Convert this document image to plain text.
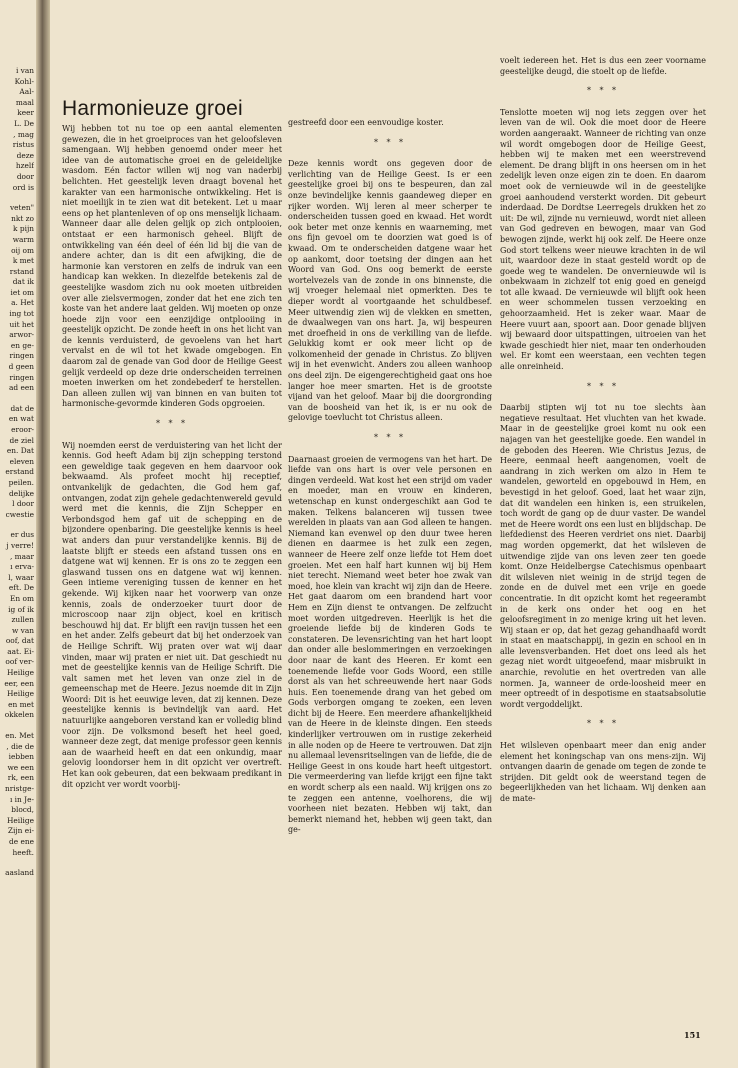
i van
Kohl-
Aal-
maal
keer
L. De
, mag
ristus
deze
hzelf
door
ord is
veten"
nkt zo
k pijn
warm
oij om
k met
rstand
dat ik
iet om
a. Het
ing tot
uit het
arwor-
en ge-
ringen
d geen
ringen
ad een
dat de
en wat
eroor-
de ziel
en. Dat
eleven
erstand
peilen.
delijke
l door
cwestie
er dus
j verre!
, maar
ı erva-
l, waar
eft. De
En om
ig of ik
zullen
w van
oof, dat
aat. Ei-
oof ver-
Heilige
eer, een
Heilige
en met
okkelen
en. Met
, die de
iebben
we een
rk, een
nristge-
ı in Je-
blocd,
Heilige
Zijn ei-
de ene
heeft.
aasland
Harmonieuze groei

Wij hebben tot nu toe op een aantal elementen gewezen, die in het groeiproces van het geloofsleven samengaan. Wij hebben genoemd onder meer het idee van de automatische groei en de geleidelijke wasdom. Eén factor willen wij nog van naderbij belichten. Het geestelijk leven draagt bovenal het karakter van een harmonische ontwikkeling. Het is niet moeilijk in te zien wat dit betekent. Let u maar eens op het plantenleven of op ons menselijk lichaam. Wanneer daar alle delen gelijk op zich ontplooien, ontstaat er een harmonisch geheel. Blijft de ontwikkeling van één deel of één lid bij die van de andere achter, dan is dit een afwijking, die de harmonie kan verstoren en zelfs de indruk van een handicap kan wekken. In diezelfde betekenis zal de geestelijke wasdom zich nu ook moeten uitbreiden over alle zielsvermogen, zonder dat het ene zich ten koste van het andere laat gelden. Wij moeten op onze hoede zijn voor een eenzijdige ontplooiing in geestelijk opzicht. De zonde heeft in ons het licht van de kennis verduisterd, de gevoelens van het hart vervalst en de wil tot het kwade omgebogen. En daarom zal de genade van God door de Heilige Geest gelijk verdeeld op deze drie onderscheiden terreinen moeten inwerken om het zondebederf te herstellen. Dan alleen zullen wij van binnen en van buiten tot harmonische-gevormde kinderen Gods opgroeien.

* * *

Wij noemden eerst de verduistering van het licht der kennis. God heeft Adam bij zijn schepping terstond een geweldige taak gegeven en hem daarvoor ook bekwaamd. Als profeet mocht hij receptief, ontvankelijk de gedachten, die God hem gaf, ontvangen, zodat zijn gehele gedachtenwereld gevuld werd met die kennis, die Zijn Schepper en Verbondsgod hem gaf uit de schepping en de bijzondere openbaring. Die geestelijke kennis is heel wat anders dan puur verstandelijke kennis. Bij de laatste blijft er steeds een afstand tussen ons en datgene wat wij kennen. Er is ons zo te zeggen een glaswand tussen ons en datgene wat wij kennen. Geen intieme vereniging tussen de kenner en het gekende. Wij kijken naar het voorwerp van onze kennis, zoals de onderzoeker tuurt door de microscoop naar zijn object, koel en kritisch beschouwd hij dat. Er blijft een ravijn tussen het een en het ander. Zelfs gebeurt dat bij het onderzoek van de Heilige Schrift. Wij praten over wat wij daar vinden, maar wij praten er niet uit. Dat geschiedt nu met de geestelijke kennis van de Heilige Schrift. Die valt samen met het leven van onze ziel in de gemeenschap met de Heere. Jezus noemde dit in Zijn Woord: Dit is het eeuwige leven, dat zij kennen. Deze geestelijke kennis is bevindelijk van aard. Het natuurlijke aangeboren verstand kan er volledig blind voor zijn. De volksmond beseft het heel goed, wanneer deze zegt, dat menige professor geen kennis aan de waarheid heeft en dat een onkundig, maar gelovig loondorser hem in dit opzicht ver overtreft. Het kan ook gebeuren, dat een bekwaam predikant in dit opzicht ver wordt voorbij-

gestreefd door een eenvoudige koster.

* * *

Deze kennis wordt ons gegeven door de verlichting van de Heilige Geest. Is er een geestelijke groei bij ons te bespeuren, dan zal onze bevindelijke kennis gaandeweg dieper en rijker worden. Wij leren al meer scherper te onderscheiden tussen goed en kwaad. Het wordt ook beter met onze kennis en waarneming, met ons fijn gevoel om te doorzien wat goed is of kwaad. Om te onderscheiden datgene waar het op aankomt, door toetsing der dingen aan het Woord van God. Ons oog bemerkt de eerste wortelvezels van de zonde in ons binnenste, die wij vroeger helemaal niet opmerkten. Des te dieper wordt al voortgaande het schuldbesef. Meer uitwendig zien wij de vlekken en smetten, de dwaalwegen van ons hart. Ja, wij bespeuren met droefheid in ons de verkilling van de liefde. Gelukkig komt er ook meer licht op de volkomenheid der genade in Christus. Zo blijven wij in het evenwicht. Anders zou alleen wanhoop ons deel zijn. De eigengerechtigheid gaat ons hoe langer hoe meer smarten. Het is de grootste vijand van het geloof. Maar bij die doorgronding van de boosheid van het ik, is er nu ook de gelovige toevlucht tot Christus alleen.

* * *

Daarnaast groeien de vermogens van het hart. De liefde van ons hart is over vele personen en dingen verdeeld. Wat kost het een strijd om vader en moeder, man en vrouw en kinderen, wetenschap en kunst ondergeschikt aan God te maken. Telkens balanceren wij tussen twee werelden in plaats van aan God alleen te hangen. Niemand kan evenwel op den duur twee heren dienen en daarmee is het zulk een zegen, wanneer de Heere zelf onze liefde tot Hem doet groeien. Met een half hart kunnen wij bij Hem niet terecht. Niemand weet beter hoe zwak van moed, hoe klein van kracht wij zijn dan de Heere. Het gaat daarom om een brandend hart voor Hem en Zijn dienst te ontvangen. De zelfzucht moet worden uitgedreven. Heerlijk is het die groeiende liefde bij de kinderen Gods te constateren. De levensrichting van het hart loopt dan onder alle beslommeringen en verzoekingen door naar de kant des Heeren. Er komt een toenemende liefde voor Gods Woord, een stille dorst als van het schreeuwende hert naar Gods huis. Een toenemende drang van het gebed om Gods verborgen omgang te zoeken, een leven dicht bij de Heere. Een meerdere afhankelijkheid van de Heere in de kleinste dingen. Een steeds kinderlijker vertrouwen om in rustige zekerheid in alle noden op de Heere te vertrouwen. Dat zijn nu allemaal levensritselingen van de liefde, die de Heilige Geest in ons koude hart heeft uitgestort. Die vermeerdering van liefde krijgt een fijne takt en wordt scherp als een naald. Wij krijgen ons zo te zeggen een antenne, voelhorens, die wij voorheen niet bezaten. Hebben wij takt, dan bemerkt niemand het, hebben wij geen takt, dan ge-

voelt iedereen het. Het is dus een zeer voorname geestelijke deugd, die stoelt op de liefde.

* * *

Tenslotte moeten wij nog iets zeggen over het leven van de wil. Ook die moet door de Heere worden aangeraakt. Wanneer de richting van onze wil wordt omgebogen door de Heilige Geest, hebben wij te maken met een weerstrevend element. De drang blijft in ons heersen om in het zedelijk leven onze eigen zin te doen. En daarom moet ook de vernieuwde wil in de geestelijke groei aanhoudend versterkt worden. Dit gebeurt inderdaad. De Dordtse Leerregels drukken het zo uit: De wil, zijnde nu vernieuwd, wordt niet alleen van God gedreven en bewogen, maar van God bewogen zijnde, werkt hij ook zelf. De Heere onze God stort telkens weer nieuwe krachten in de wil uit, waardoor deze in staat gesteld wordt op de goede weg te wandelen. De onvernieuwde wil is onbekwaam in zichzelf tot enig goed en geneigd tot alle kwaad. De vernieuwde wil blijft ook heen en weer schommelen tussen verzoeking en gehoorzaamheid. Het is zeker waar. Maar de Heere vuurt aan, spoort aan. Door genade blijven wij bewaard door uitspattingen, uitroeien van het kwade geschiedt hier niet, maar ten onderhouden wel. Er komt een weerstaan, een vechten tegen alle onreinheid.

* * *

Daarbij stipten wij tot nu toe slechts àan negatieve resultaat. Het vluchten van het kwade. Maar in de geestelijke groei komt nu ook een najagen van het geestelijke goede. Een wandel in de geboden des Heeren. Wie Christus Jezus, de Heere, eenmaal heeft aangenomen, voelt de aandrang in zich werken om alzo in Hem te wandelen, geworteld en opgebouwd in Hem, en bevestigd in het geloof. Goed, laat het waar zijn, dat dit wandelen een hinken is, een struikelen, toch wordt de gang op de duur vaster. De wandel met de Heere wordt ons een lust en blijdschap. De liefdedienst des Heeren verdriet ons niet. Daarbij mag worden opgemerkt, dat het wilsleven de uitwendige zijde van ons leven zeer ten goede komt. Onze Heidelbergse Catechismus openbaart dit wilsleven niet weinig in de strijd tegen de zonde en de duivel met een vrije en goede concentratie. In dit opzicht komt het regeerambt in de kerk ons onder het oog en het geloofsregiment in zo menige kring uit het leven. Wij staan er op, dat het gezag gehandhaafd wordt in staat en maatschappij, in gezin en school en in alle levensverbanden. Het doet ons leed als het gezag niet wordt uitgeoefend, maar misbruikt in anarchie, revolutie en het overtreden van alle normen. Ja, wanneer de orde-loosheid meer en meer optreedt of in despotisme en staatsabsolutie wordt vergoddelijkt.

* * *

Het wilsleven openbaart meer dan enig ander element het koningschap van ons mens-zijn. Wij ontvangen daarin de genade om tegen de zonde te strijden. Dit geldt ook de weerstand tegen de begeerlijkheden van het lichaam. Wij denken aan de mate-

151
